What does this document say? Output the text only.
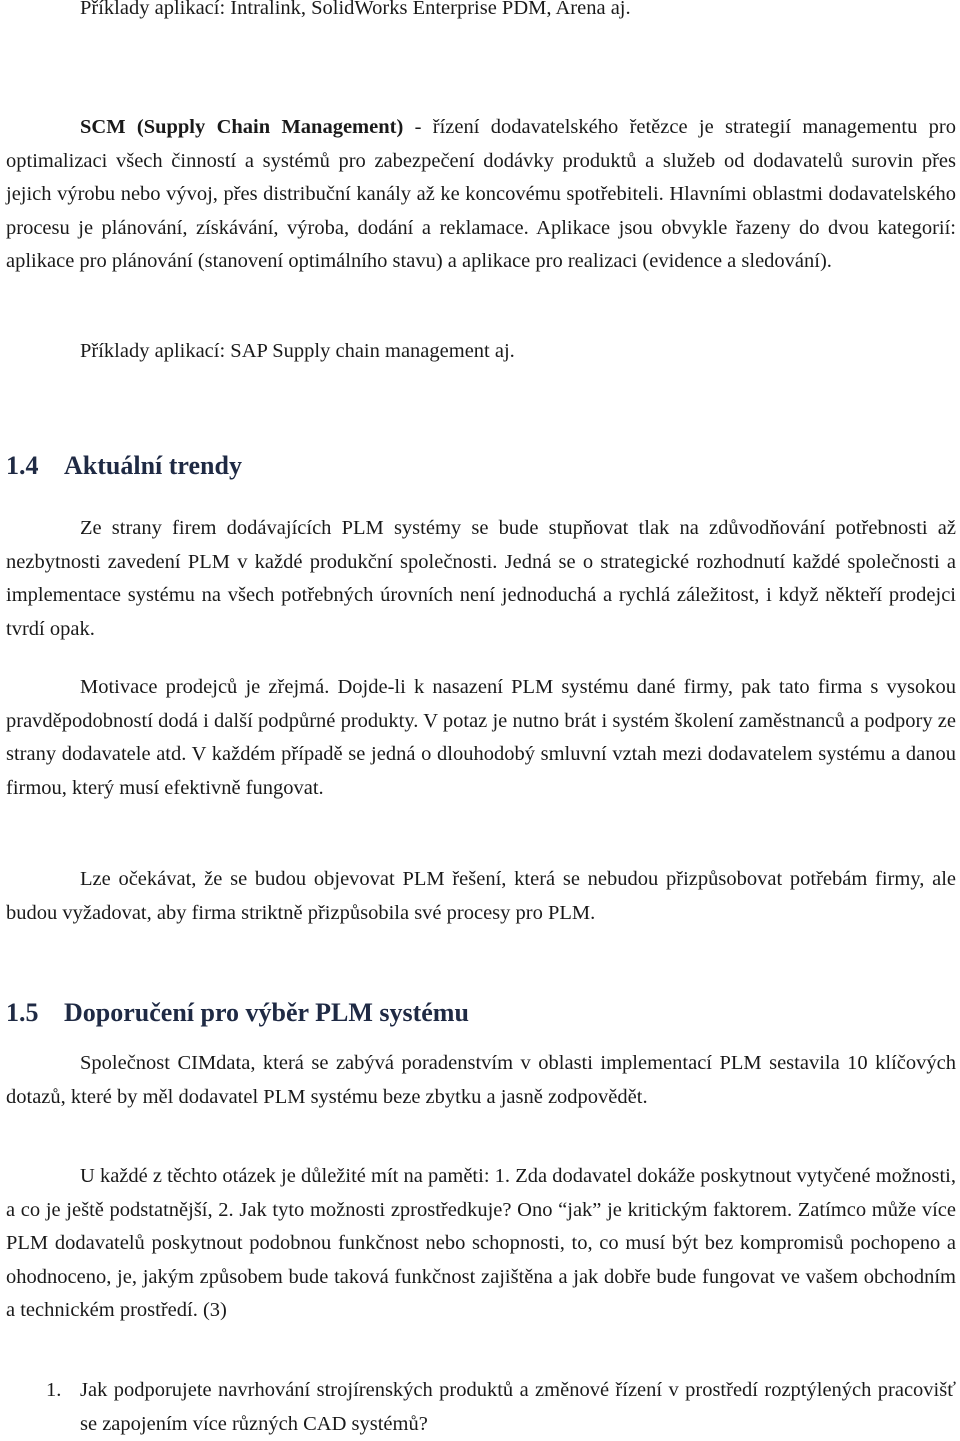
Příklady aplikací: Intralink, SolidWorks Enterprise PDM, Arena aj.

SCM (Supply Chain Management) - řízení dodavatelského řetězce je strategií managementu pro optimalizaci všech činností a systémů pro zabezpečení dodávky produktů a služeb od dodavatelů surovin přes jejich výrobu nebo vývoj, přes distribuční kanály až ke koncovému spotřebiteli. Hlavními oblastmi dodavatelského procesu je plánování, získávání, výroba, dodání a reklamace. Aplikace jsou obvykle řazeny do dvou kategorií: aplikace pro plánování (stanovení optimálního stavu) a aplikace pro realizaci (evidence a sledování).

Příklady aplikací: SAP Supply chain management aj.

1.4 Aktuální trendy

Ze strany firem dodávajících PLM systémy se bude stupňovat tlak na zdůvodňování potřebnosti až nezbytnosti zavedení PLM v každé produkční společnosti. Jedná se o strategické rozhodnutí každé společnosti a implementace systému na všech potřebných úrovních není jednoduchá a rychlá záležitost, i když někteří prodejci tvrdí opak.

Motivace prodejců je zřejmá. Dojde-li k nasazení PLM systému dané firmy, pak tato firma s vysokou pravděpodobností dodá i další podpůrné produkty. V potaz je nutno brát i systém školení zaměstnanců a podpory ze strany dodavatele atd. V každém případě se jedná o dlouhodobý smluvní vztah mezi dodavatelem systému a danou firmou, který musí efektivně fungovat.

Lze očekávat, že se budou objevovat PLM řešení, která se nebudou přizpůsobovat potřebám firmy, ale budou vyžadovat, aby firma striktně přizpůsobila své procesy pro PLM.

1.5 Doporučení pro výběr PLM systému

Společnost CIMdata, která se zabývá poradenstvím v oblasti implementací PLM sestavila 10 klíčových dotazů, které by měl dodavatel PLM systému beze zbytku a jasně zodpovědět.

U každé z těchto otázek je důležité mít na paměti: 1. Zda dodavatel dokáže poskytnout vytyčené možnosti, a co je ještě podstatnější, 2. Jak tyto možnosti zprostředkuje? Ono “jak” je kritickým faktorem. Zatímco může více PLM dodavatelů poskytnout podobnou funkčnost nebo schopnosti, to, co musí být bez kompromisů pochopeno a ohodnoceno, je, jakým způsobem bude taková funkčnost zajištěna a jak dobře bude fungovat ve vašem obchodním a technickém prostředí. (3)

1. Jak podporujete navrhování strojírenských produktů a změnové řízení v prostředí rozptýlených pracovišť se zapojením více různých CAD systémů?
